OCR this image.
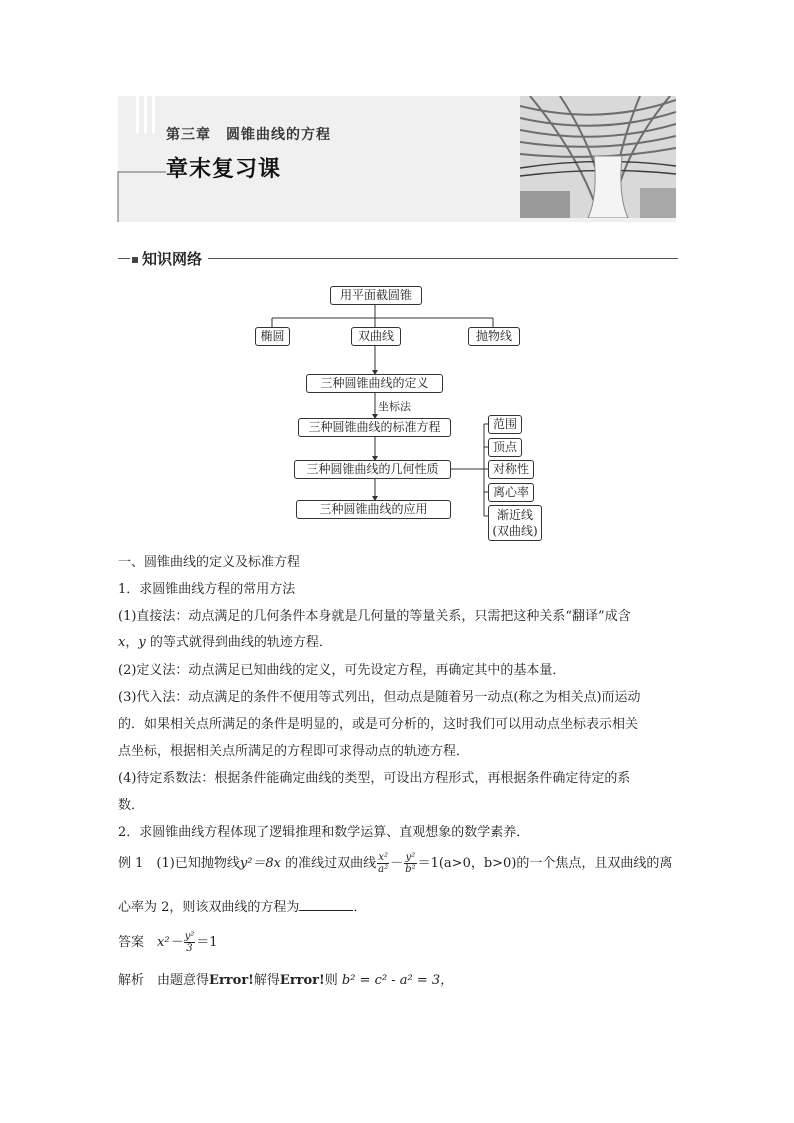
第三章　圆锥曲线的方程
章末复习课
知识网络
用平面截圆锥
椭圆	双曲线	抛物线
三种圆锥曲线的定义
坐标法
三种圆锥曲线的标准方程
三种圆锥曲线的几何性质
三种圆锥曲线的应用
范围
顶点
对称性
离心率
渐近线
(双曲线)
一、圆锥曲线的定义及标准方程
1．求圆锥曲线方程的常用方法
(1)直接法：动点满足的几何条件本身就是几何量的等量关系，只需把这种关系“翻译”成含
x，y 的等式就得到曲线的轨迹方程．
(2)定义法：动点满足已知曲线的定义，可先设定方程，再确定其中的基本量．
(3)代入法：动点满足的条件不便用等式列出，但动点是随着另一动点(称之为相关点)而运动
的．如果相关点所满足的条件是明显的，或是可分析的，这时我们可以用动点坐标表示相关
点坐标，根据相关点所满足的方程即可求得动点的轨迹方程．
(4)待定系数法：根据条件能确定曲线的类型，可设出方程形式，再根据条件确定待定的系
数．
2．求圆锥曲线方程体现了逻辑推理和数学运算、直观想象的数学素养．
例 1　 (1)已知抛物线y²＝8x 的准线过双曲线 $\frac{\text{x²}}{\text{a²}} - \frac{\text{y²}}{\text{b²}} =1(a>0$，b>0)的一个焦点，且双曲线的离
心率为 2，则该双曲线的方程为	．
答案　 $x^2- \frac{\text{y²}}{3} =1$
解析　 由题意得Error!解得Error!则 b² = c² - a² = 3，
